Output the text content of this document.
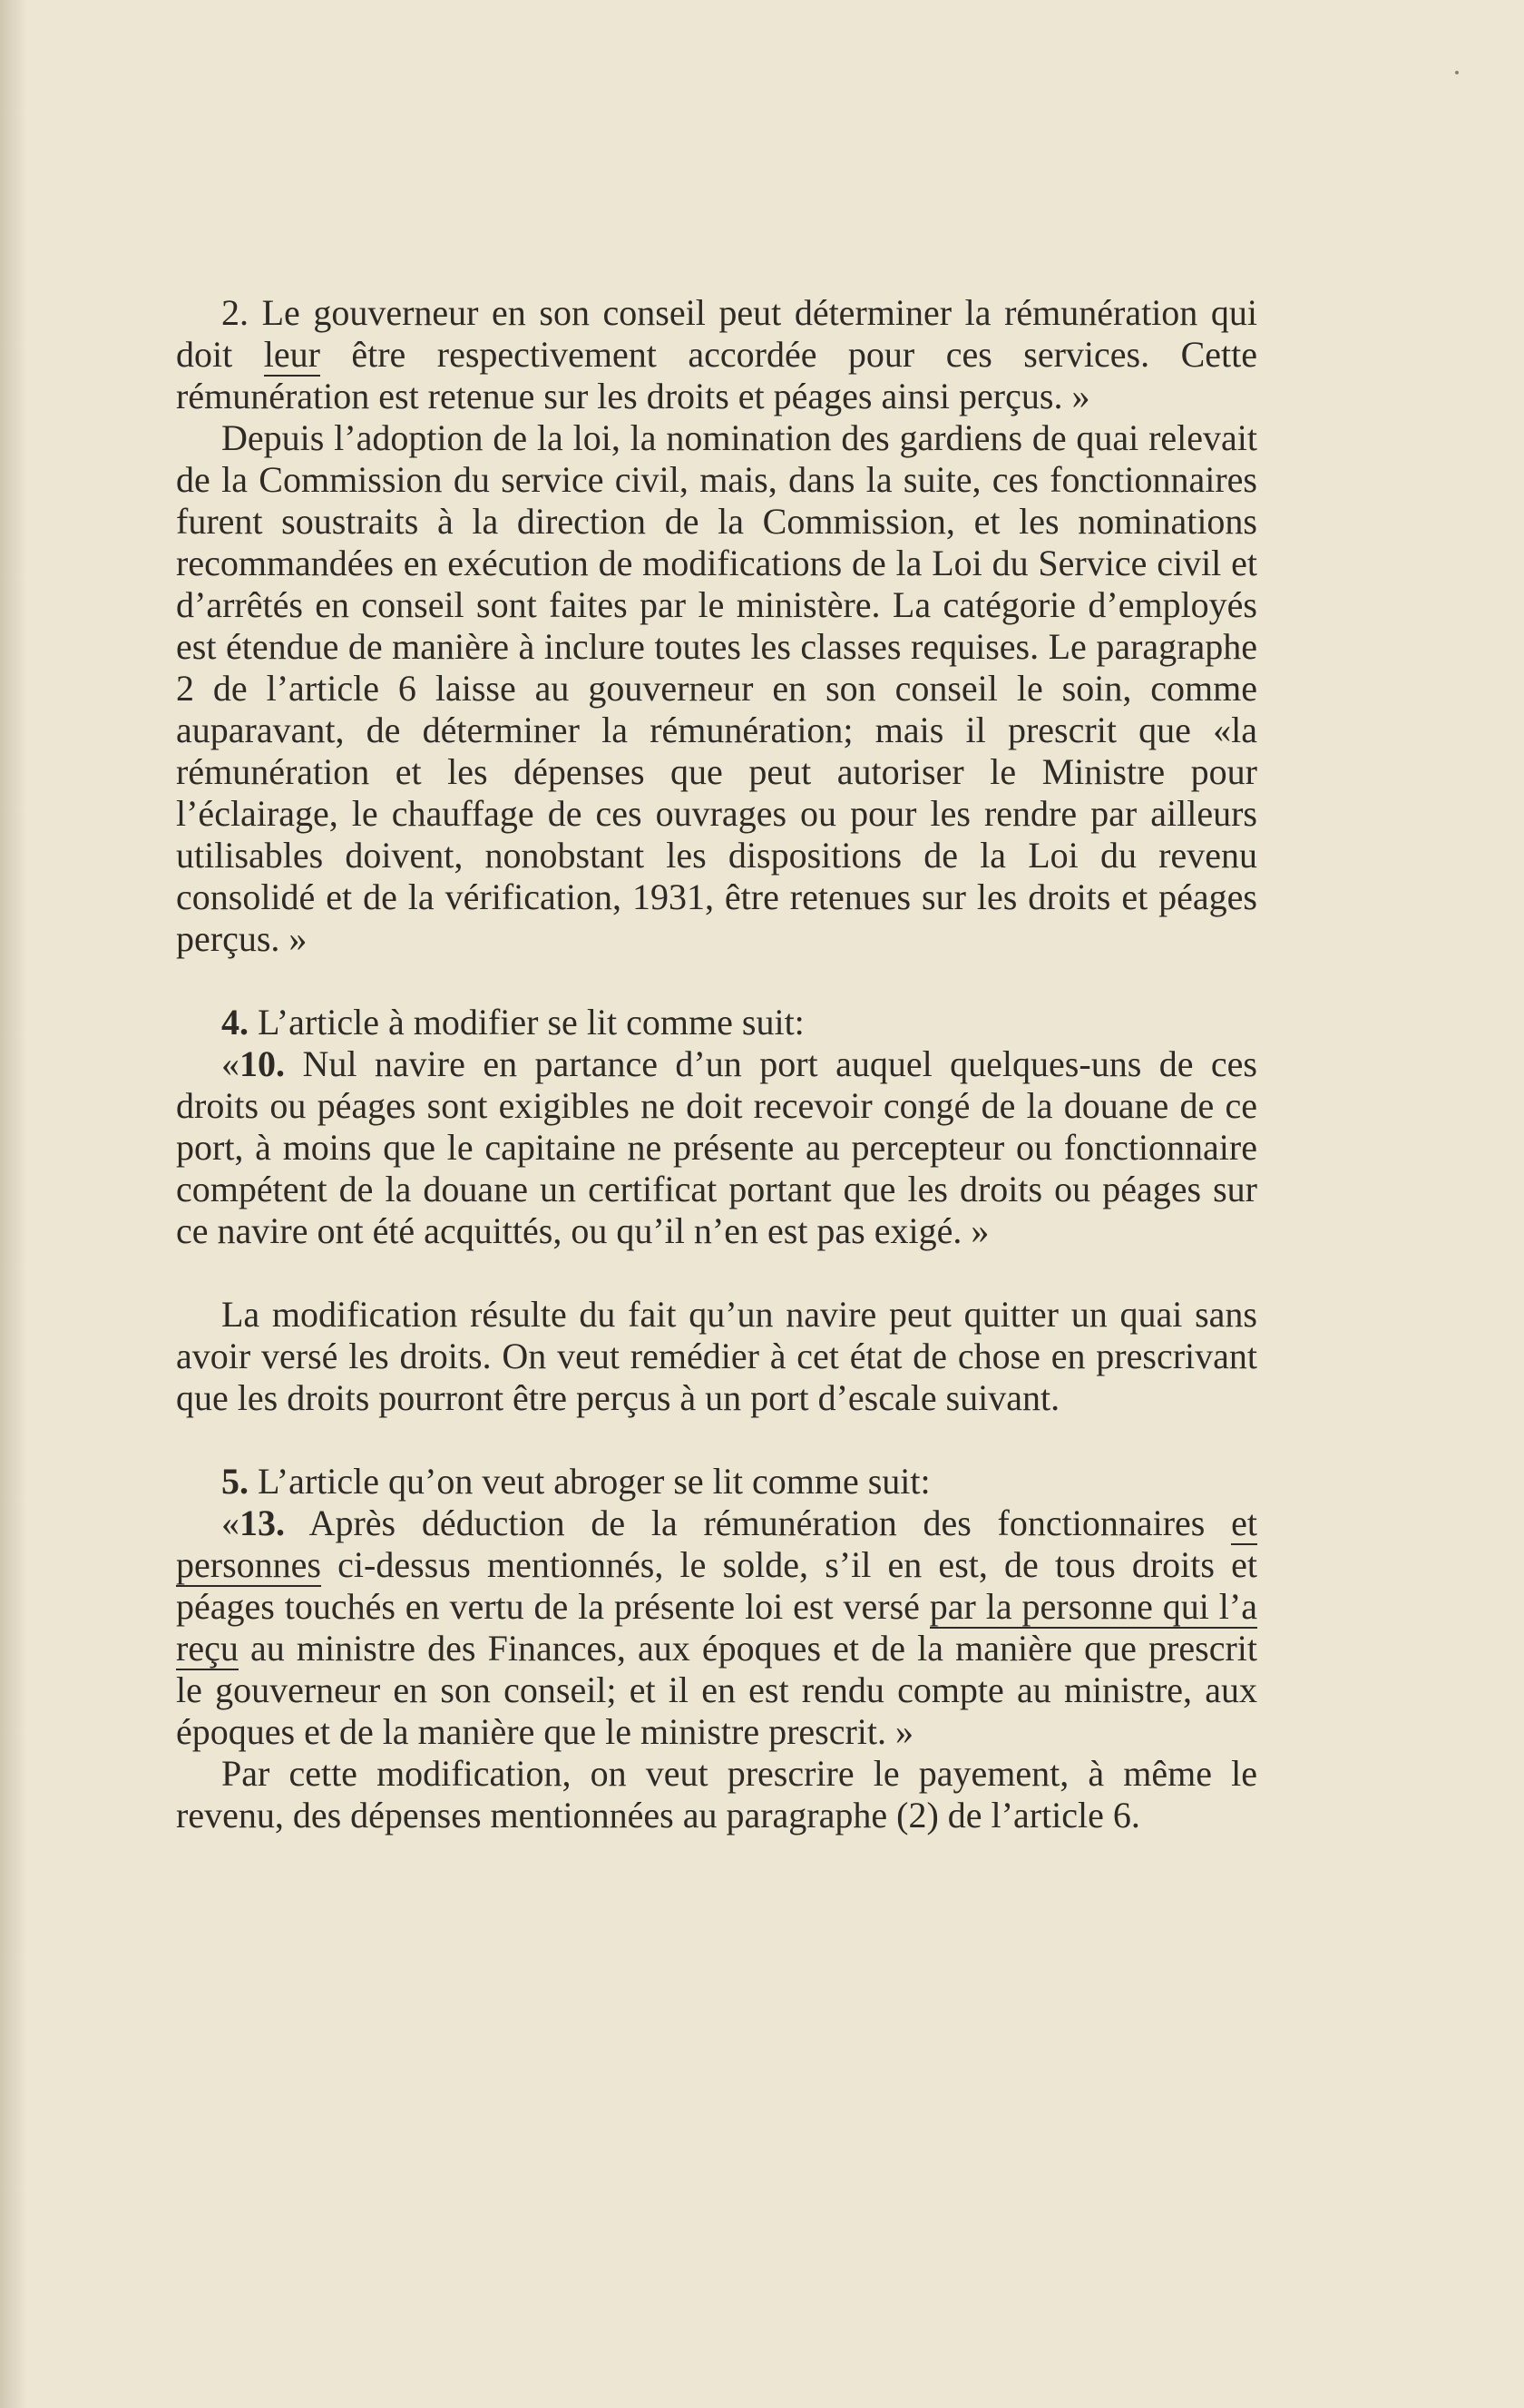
2. Le gouverneur en son conseil peut déterminer la rémunération qui doit leur être respectivement accordée pour ces services. Cette rémunération est retenue sur les droits et péages ainsi perçus. »

Depuis l’adoption de la loi, la nomination des gardiens de quai relevait de la Commission du service civil, mais, dans la suite, ces fonctionnaires furent soustraits à la direction de la Commission, et les nominations recommandées en exécution de modifications de la Loi du Service civil et d’arrêtés en conseil sont faites par le ministère. La catégorie d’employés est étendue de manière à inclure toutes les classes requises. Le paragraphe 2 de l’article 6 laisse au gouverneur en son conseil le soin, comme auparavant, de déterminer la rémunération; mais il prescrit que «la rémunération et les dépenses que peut autoriser le Ministre pour l’éclairage, le chauffage de ces ouvrages ou pour les rendre par ailleurs utilisables doivent, nonobstant les dispositions de la Loi du revenu consolidé et de la vérification, 1931, être retenues sur les droits et péages perçus. »

4. L’article à modifier se lit comme suit:

«10. Nul navire en partance d’un port auquel quelques-uns de ces droits ou péages sont exigibles ne doit recevoir congé de la douane de ce port, à moins que le capitaine ne présente au percepteur ou fonctionnaire compétent de la douane un certificat portant que les droits ou péages sur ce navire ont été acquittés, ou qu’il n’en est pas exigé. »

La modification résulte du fait qu’un navire peut quitter un quai sans avoir versé les droits. On veut remédier à cet état de chose en prescrivant que les droits pourront être perçus à un port d’escale suivant.

5. L’article qu’on veut abroger se lit comme suit:

«13. Après déduction de la rémunération des fonctionnaires et personnes ci-dessus mentionnés, le solde, s’il en est, de tous droits et péages touchés en vertu de la présente loi est versé par la personne qui l’a reçu au ministre des Finances, aux époques et de la manière que prescrit le gouverneur en son conseil; et il en est rendu compte au ministre, aux époques et de la manière que le ministre prescrit. »

Par cette modification, on veut prescrire le payement, à même le revenu, des dépenses mentionnées au paragraphe (2) de l’article 6.
